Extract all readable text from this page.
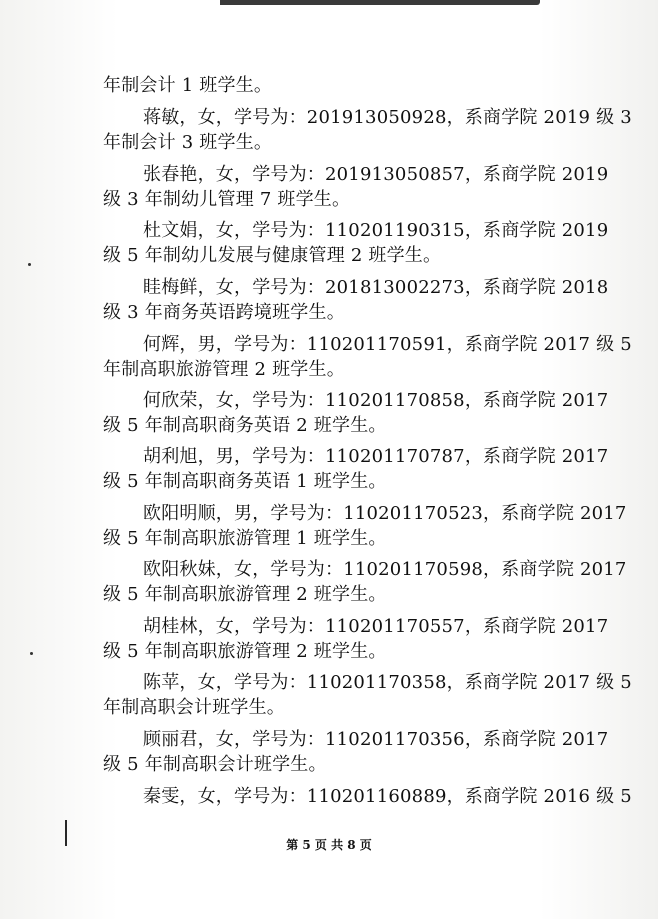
年制会计 1 班学生。

蒋敏，女，学号为：201913050928，系商学院 2019 级 3

年制会计 3 班学生。

张春艳，女，学号为：201913050857，系商学院 2019

级 3 年制幼儿管理 7 班学生。

杜文娟，女，学号为：110201190315，系商学院 2019

级 5 年制幼儿发展与健康管理 2 班学生。

眭梅鲜，女，学号为：201813002273，系商学院 2018

级 3 年商务英语跨境班学生。

何辉，男，学号为：110201170591，系商学院 2017 级 5

年制高职旅游管理 2 班学生。

何欣荣，女，学号为：110201170858，系商学院 2017

级 5 年制高职商务英语 2 班学生。

胡利旭，男，学号为：110201170787，系商学院 2017

级 5 年制高职商务英语 1 班学生。

欧阳明顺，男，学号为：110201170523，系商学院 2017

级 5 年制高职旅游管理 1 班学生。

欧阳秋妹，女，学号为：110201170598，系商学院 2017

级 5 年制高职旅游管理 2 班学生。

胡桂林，女，学号为：110201170557，系商学院 2017

级 5 年制高职旅游管理 2 班学生。

陈苹，女，学号为：110201170358，系商学院 2017 级 5

年制高职会计班学生。

顾丽君，女，学号为：110201170356，系商学院 2017

级 5 年制高职会计班学生。

秦雯，女，学号为：110201160889，系商学院 2016 级 5

第 5 页 共 8 页
